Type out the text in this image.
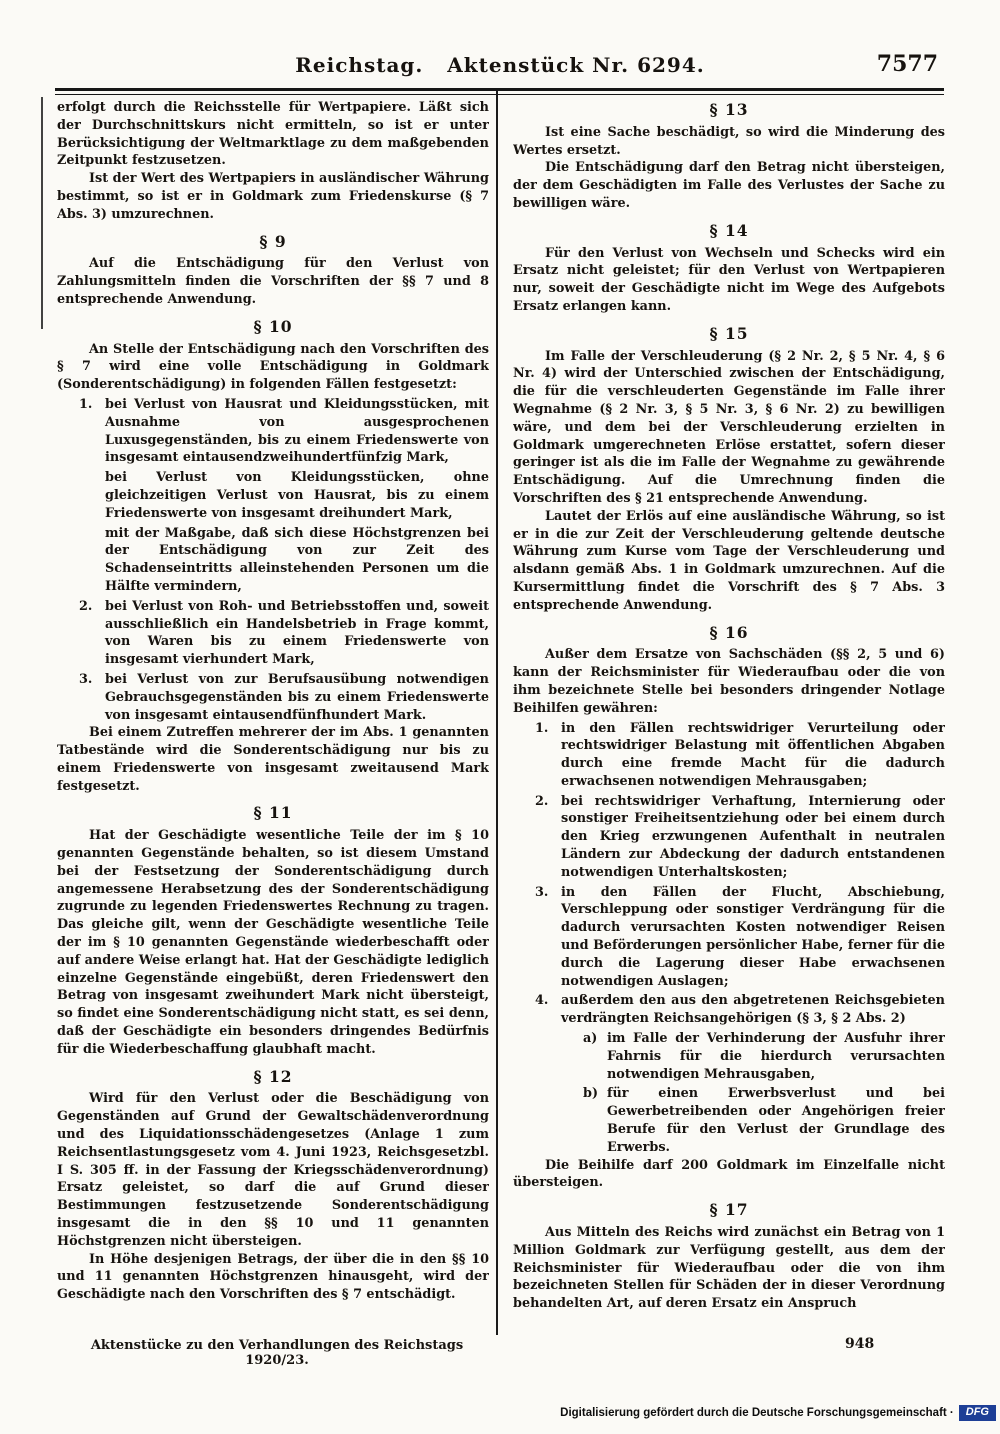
Reichstag.   Aktenstück Nr. 6294.	7577

erfolgt durch die Reichsstelle für Wertpapiere. Läßt sich der Durchschnittskurs nicht ermitteln, so ist er unter Berücksichtigung der Weltmarktlage zu dem maßgebenden Zeitpunkt festzusetzen.

Ist der Wert des Wertpapiers in ausländischer Währung bestimmt, so ist er in Goldmark zum Friedenskurse (§ 7 Abs. 3) umzurechnen.

§ 9

Auf die Entschädigung für den Verlust von Zahlungsmitteln finden die Vorschriften der §§ 7 und 8 entsprechende Anwendung.

§ 10

An Stelle der Entschädigung nach den Vorschriften des § 7 wird eine volle Entschädigung in Goldmark (Sonderentschädigung) in folgenden Fällen festgesetzt:

1. bei Verlust von Hausrat und Kleidungsstücken, mit Ausnahme von ausgesprochenen Luxusgegenständen, bis zu einem Friedenswerte von insgesamt eintausendzweihundertfünfzig Mark,

bei Verlust von Kleidungsstücken, ohne gleichzeitigen Verlust von Hausrat, bis zu einem Friedenswerte von insgesamt dreihundert Mark,

mit der Maßgabe, daß sich diese Höchstgrenzen bei der Entschädigung von zur Zeit des Schadenseintritts alleinstehenden Personen um die Hälfte vermindern,

2. bei Verlust von Roh- und Betriebsstoffen und, soweit ausschließlich ein Handelsbetrieb in Frage kommt, von Waren bis zu einem Friedenswerte von insgesamt vierhundert Mark,
3. bei Verlust von zur Berufsausübung notwendigen Gebrauchsgegenständen bis zu einem Friedenswerte von insgesamt eintausendfünfhundert Mark.

Bei einem Zutreffen mehrerer der im Abs. 1 genannten Tatbestände wird die Sonderentschädigung nur bis zu einem Friedenswerte von insgesamt zweitausend Mark festgesetzt.

§ 11

Hat der Geschädigte wesentliche Teile der im § 10 genannten Gegenstände behalten, so ist diesem Umstand bei der Festsetzung der Sonderentschädigung durch angemessene Herabsetzung des der Sonderentschädigung zugrunde zu legenden Friedenswertes Rechnung zu tragen. Das gleiche gilt, wenn der Geschädigte wesentliche Teile der im § 10 genannten Gegenstände wiederbeschafft oder auf andere Weise erlangt hat. Hat der Geschädigte lediglich einzelne Gegenstände eingebüßt, deren Friedenswert den Betrag von insgesamt zweihundert Mark nicht übersteigt, so findet eine Sonderentschädigung nicht statt, es sei denn, daß der Geschädigte ein besonders dringendes Bedürfnis für die Wiederbeschaffung glaubhaft macht.

§ 12

Wird für den Verlust oder die Beschädigung von Gegenständen auf Grund der Gewaltschädenverordnung und des Liquidationsschädengesetzes (Anlage 1 zum Reichsentlastungsgesetz vom 4. Juni 1923, Reichsgesetzbl. I S. 305 ff. in der Fassung der Kriegsschädenverordnung) Ersatz geleistet, so darf die auf Grund dieser Bestimmungen festzusetzende Sonderentschädigung insgesamt die in den §§ 10 und 11 genannten Höchstgrenzen nicht übersteigen.

In Höhe desjenigen Betrags, der über die in den §§ 10 und 11 genannten Höchstgrenzen hinausgeht, wird der Geschädigte nach den Vorschriften des § 7 entschädigt.

§ 13

Ist eine Sache beschädigt, so wird die Minderung des Wertes ersetzt.

Die Entschädigung darf den Betrag nicht übersteigen, der dem Geschädigten im Falle des Verlustes der Sache zu bewilligen wäre.

§ 14

Für den Verlust von Wechseln und Schecks wird ein Ersatz nicht geleistet; für den Verlust von Wertpapieren nur, soweit der Geschädigte nicht im Wege des Aufgebots Ersatz erlangen kann.

§ 15

Im Falle der Verschleuderung (§ 2 Nr. 2, § 5 Nr. 4, § 6 Nr. 4) wird der Unterschied zwischen der Entschädigung, die für die verschleuderten Gegenstände im Falle ihrer Wegnahme (§ 2 Nr. 3, § 5 Nr. 3, § 6 Nr. 2) zu bewilligen wäre, und dem bei der Verschleuderung erzielten in Goldmark umgerechneten Erlöse erstattet, sofern dieser geringer ist als die im Falle der Wegnahme zu gewährende Entschädigung. Auf die Umrechnung finden die Vorschriften des § 21 entsprechende Anwendung.

Lautet der Erlös auf eine ausländische Währung, so ist er in die zur Zeit der Verschleuderung geltende deutsche Währung zum Kurse vom Tage der Verschleuderung und alsdann gemäß Abs. 1 in Goldmark umzurechnen. Auf die Kursermittlung findet die Vorschrift des § 7 Abs. 3 entsprechende Anwendung.

§ 16

Außer dem Ersatze von Sachschäden (§§ 2, 5 und 6) kann der Reichsminister für Wiederaufbau oder die von ihm bezeichnete Stelle bei besonders dringender Notlage Beihilfen gewähren:

1. in den Fällen rechtswidriger Verurteilung oder rechtswidriger Belastung mit öffentlichen Abgaben durch eine fremde Macht für die dadurch erwachsenen notwendigen Mehrausgaben;
2. bei rechtswidriger Verhaftung, Internierung oder sonstiger Freiheitsentziehung oder bei einem durch den Krieg erzwungenen Aufenthalt in neutralen Ländern zur Abdeckung der dadurch entstandenen notwendigen Unterhaltskosten;
3. in den Fällen der Flucht, Abschiebung, Verschleppung oder sonstiger Verdrängung für die dadurch verursachten Kosten notwendiger Reisen und Beförderungen persönlicher Habe, ferner für die durch die Lagerung dieser Habe erwachsenen notwendigen Auslagen;
4. außerdem den aus den abgetretenen Reichsgebieten verdrängten Reichsangehörigen (§ 3, § 2 Abs. 2)
a) im Falle der Verhinderung der Ausfuhr ihrer Fahrnis für die hierdurch verursachten notwendigen Mehrausgaben,
b) für einen Erwerbsverlust und bei Gewerbetreibenden oder Angehörigen freier Berufe für den Verlust der Grundlage des Erwerbs.

Die Beihilfe darf 200 Goldmark im Einzelfalle nicht übersteigen.

§ 17

Aus Mitteln des Reichs wird zunächst ein Betrag von 1 Million Goldmark zur Verfügung gestellt, aus dem der Reichsminister für Wiederaufbau oder die von ihm bezeichneten Stellen für Schäden der in dieser Verordnung behandelten Art, auf deren Ersatz ein Anspruch

Aktenstücke zu den Verhandlungen des Reichstags 1920/23.
948
Digitalisierung gefördert durch die Deutsche Forschungsgemeinschaft ·	DFG
